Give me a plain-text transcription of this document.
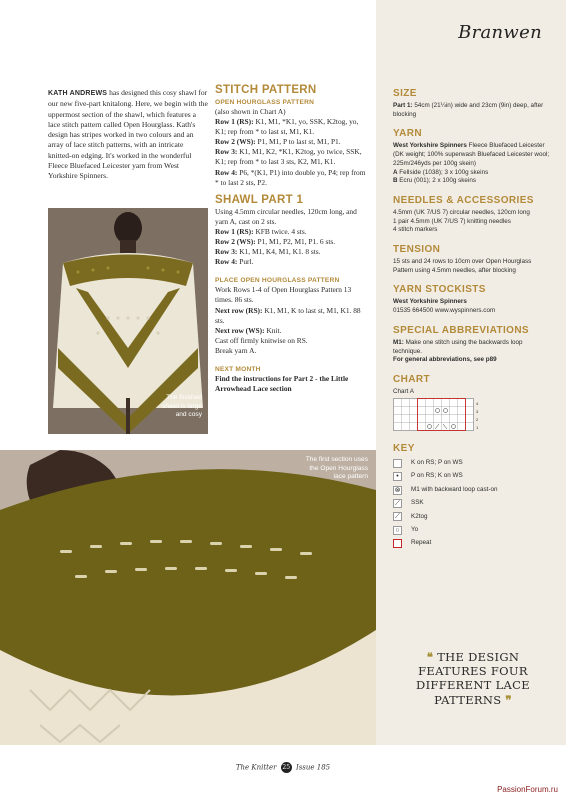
Branwen
KATH ANDREWS has designed this cosy shawl for our new five-part knitalong. Here, we begin with the uppermost section of the shawl, which features a lace stitch pattern called Open Hourglass. Kath's design has stripes worked in two colours and an array of lace stitch patterns, with an intricate knitted-on edging. It's worked in the wonderful Fleece Bluefaced Leicester yarn from West Yorkshire Spinners.
The finished
shawl is large
and cosy
STITCH PATTERN
OPEN HOURGLASS PATTERN

(also shown in Chart A)

Row 1 (RS): K1, M1, *K1, yo, SSK, K2tog, yo, K1; rep from * to last st, M1, K1.

Row 2 (WS): P1, M1, P to last st, M1, P1.

Row 3: K1, M1, K2, *K1, K2tog, yo twice, SSK, K1; rep from * to last 3 sts, K2, M1, K1.

Row 4: P6, *(K1, P1) into double yo, P4; rep from * to last 2 sts, P2.

SHAWL PART 1

Using 4.5mm circular needles, 120cm long, and yarn A, cast on 2 sts.

Row 1 (RS): KFB twice. 4 sts.

Row 2 (WS): P1, M1, P2, M1, P1. 6 sts.

Row 3: K1, M1, K4, M1, K1. 8 sts.

Row 4: Purl.

PLACE OPEN HOURGLASS PATTERN

Work Rows 1-4 of Open Hourglass Pattern 13 times. 86 sts.

Next row (RS): K1, M1, K to last st, M1, K1. 88 sts.

Next row (WS): Knit.

Cast off firmly knitwise on RS.

Break yarn A.

NEXT MONTH

Find the instructions for Part 2 - the Little Arrowhead Lace section

SIZE

Part 1: 54cm (21¼in) wide and 23cm (9in) deep, after blocking

YARN

West Yorkshire Spinners Fleece Bluefaced Leicester (DK weight; 100% superwash Bluefaced Leicester wool; 225m/246yds per 100g skein)

A Fellside (1038); 3 x 100g skeins

B Ecru (001); 2 x 100g skeins

NEEDLES & ACCESSORIES

4.5mm (UK 7/US 7) circular needles, 120cm long

1 pair 4.5mm (UK 7/US 7) knitting needles

4 stitch markers

TENSION

15 sts and 24 rows to 10cm over Open Hourglass Pattern using 4.5mm needles, after blocking

YARN STOCKISTS

West Yorkshire Spinners

01535 664500 www.wyspinners.com

SPECIAL ABBREVIATIONS

M1: Make one stitch using the backwards loop technique.

For general abbreviations, see p89

CHART
Chart A
4
3
2
1
KEY
K on RS; P on WS
•	P on RS; K on WS
⊗ M1 with backward loop cast-on
⟋	SSK
⟋	K2tog
○	Yo
Repeat
❝ THE DESIGN FEATURES FOUR DIFFERENT LACE PATTERNS ❞
The first section uses
the Open Hourglass
lace pattern
The Knitter 25 Issue 185
PassionForum.ru
